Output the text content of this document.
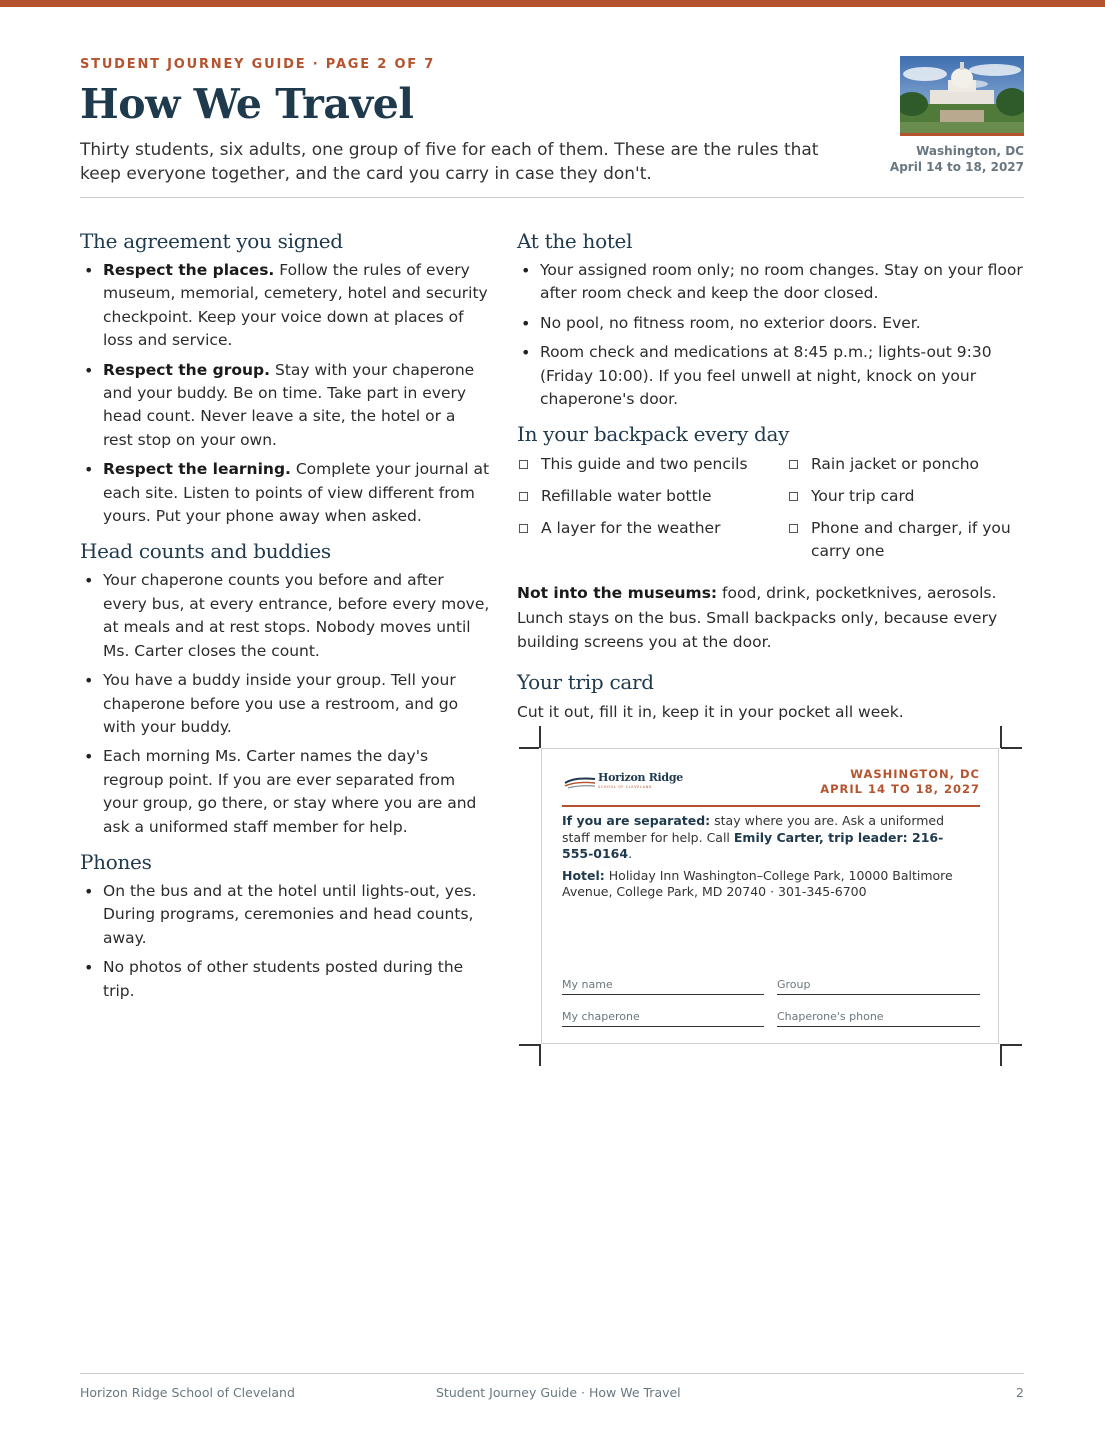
STUDENT JOURNEY GUIDE · PAGE 2 OF 7
How We Travel

Thirty students, six adults, one group of five for each of them. These are the rules that keep everyone together, and the card you carry in case they don't.

Washington, DC
April 14 to 18, 2027
The agreement you signed
• Respect the places. Follow the rules of every museum, memorial, cemetery, hotel and security checkpoint. Keep your voice down at places of loss and service.
• Respect the group. Stay with your chaperone and your buddy. Be on time. Take part in every head count. Never leave a site, the hotel or a rest stop on your own.
• Respect the learning. Complete your journal at each site. Listen to points of view different from yours. Put your phone away when asked.
Head counts and buddies
• Your chaperone counts you before and after every bus, at every entrance, before every move, at meals and at rest stops. Nobody moves until Ms. Carter closes the count.
• You have a buddy inside your group. Tell your chaperone before you use a restroom, and go with your buddy.
• Each morning Ms. Carter names the day's regroup point. If you are ever separated from your group, go there, or stay where you are and ask a uniformed staff member for help.
Phones
• On the bus and at the hotel until lights-out, yes. During programs, ceremonies and head counts, away.
• No photos of other students posted during the trip.
At the hotel
• Your assigned room only; no room changes. Stay on your floor after room check and keep the door closed.
• No pool, no fitness room, no exterior doors. Ever.
• Room check and medications at 8:45 p.m.; lights-out 9:30 (Friday 10:00). If you feel unwell at night, knock on your chaperone's door.
In your backpack every day
This guide and two pencils	Rain jacket or poncho
Refillable water bottle	Your trip card
A layer for the weather	Phone and charger, if you carry one

Not into the museums: food, drink, pocketknives, aerosols. Lunch stays on the bus. Small backpacks only, because every building screens you at the door.

Your trip card

Cut it out, fill it in, keep it in your pocket all week.

Horizon Ridge
SCHOOL OF CLEVELAND
WASHINGTON, DC
APRIL 14 TO 18, 2027

If you are separated: stay where you are. Ask a uniformed staff member for help. Call Emily Carter, trip leader: 216-555-0164.

Hotel: Holiday Inn Washington–College Park, 10000 Baltimore Avenue, College Park, MD 20740 · 301-345-6700

My name	Group
My chaperone	Chaperone's phone
Horizon Ridge School of Cleveland	Student Journey Guide · How We Travel	2
